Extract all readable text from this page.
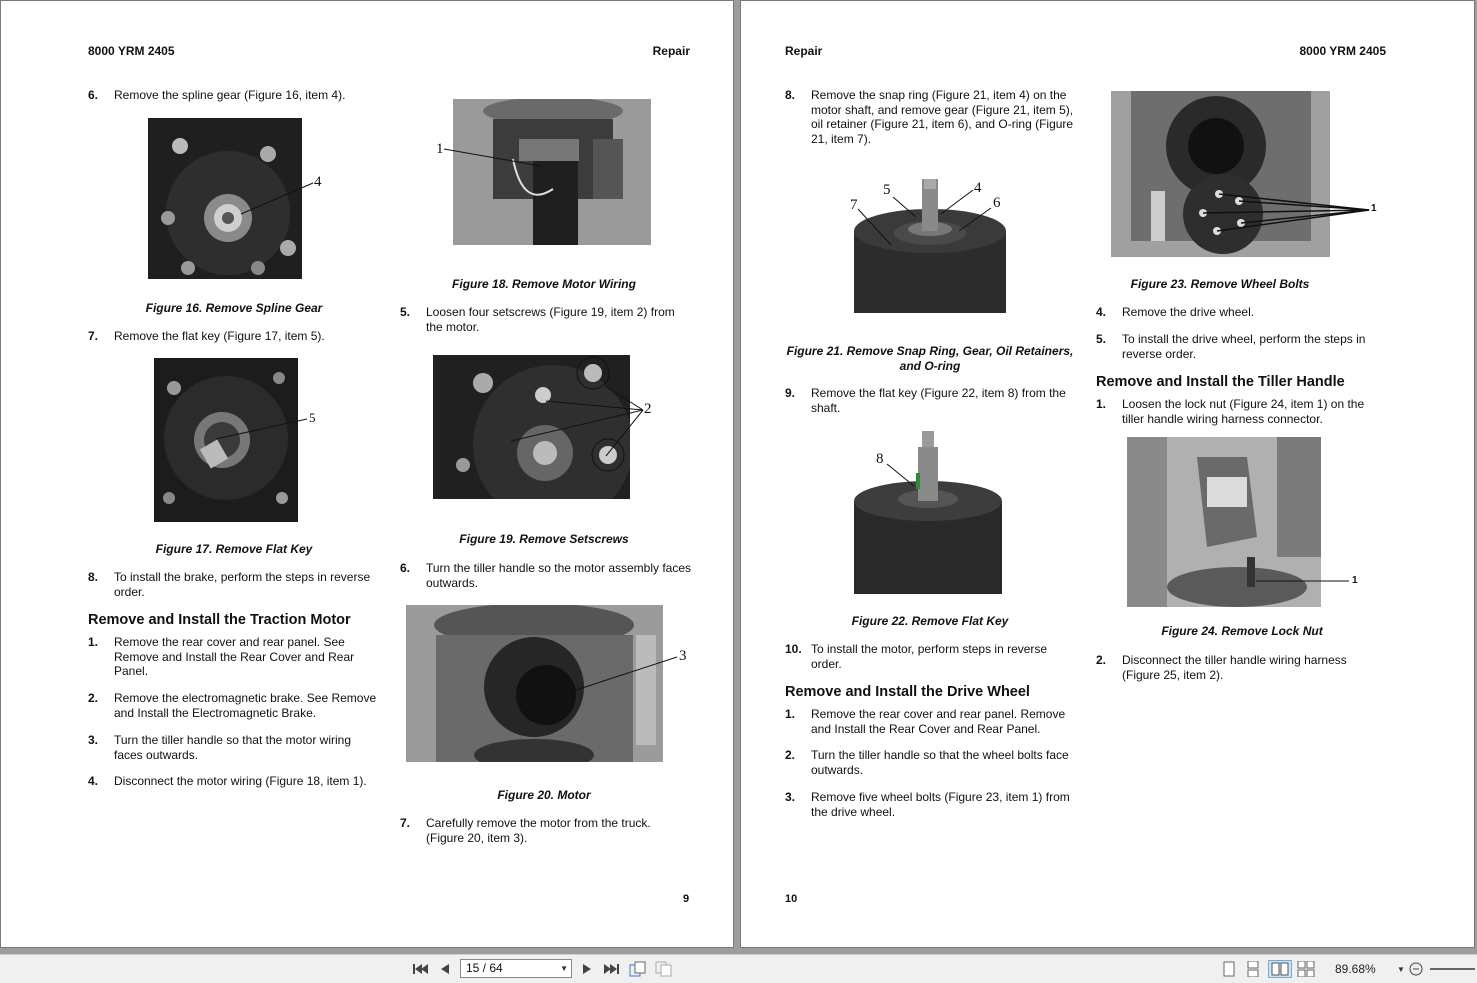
8000 YRM 2405	Repair
6. Remove the spline gear (Figure 16, item 4).
4
Figure 16. Remove Spline Gear
7. Remove the flat key (Figure 17, item 5).
5
Figure 17. Remove Flat Key
8. To install the brake, perform the steps in reverse order.
Remove and Install the Traction Motor
1. Remove the rear cover and rear panel. See Remove and Install the Rear Cover and Rear Panel.
2. Remove the electromagnetic brake. See Remove and Install the Electromagnetic Brake.
3. Turn the tiller handle so that the motor wiring faces outwards.
4. Disconnect the motor wiring (Figure 18, item 1).
1
Figure 18. Remove Motor Wiring
5. Loosen four setscrews (Figure 19, item 2) from the motor.
2
Figure 19. Remove Setscrews
6. Turn the tiller handle so the motor assembly faces outwards.
3
Figure 20. Motor
7. Carefully remove the motor from the truck. (Figure 20, item 3).
9
Repair	8000 YRM 2405
8. Remove the snap ring (Figure 21, item 4) on the motor shaft, and remove gear (Figure 21, item 5), oil retainer (Figure 21, item 6), and O-ring (Figure 21, item 7).
5	4
7	6
Figure 21. Remove Snap Ring, Gear, Oil Retainers, and O-ring
9. Remove the flat key (Figure 22, item 8) from the shaft.
8
Figure 22. Remove Flat Key
10. To install the motor, perform steps in reverse order.
Remove and Install the Drive Wheel
1. Remove the rear cover and rear panel. Remove and Install the Rear Cover and Rear Panel.
2. Turn the tiller handle so that the wheel bolts face outwards.
3. Remove five wheel bolts (Figure 23, item 1) from the drive wheel.
1
Figure 23. Remove Wheel Bolts
4. Remove the drive wheel.
5. To install the drive wheel, perform the steps in reverse order.
Remove and Install the Tiller Handle
1. Loosen the lock nut (Figure 24, item 1) on the tiller handle wiring harness connector.
1
Figure 24. Remove Lock Nut
2. Disconnect the tiller handle wiring harness (Figure 25, item 2).
10
15 / 64	▼	89.68%	▼
